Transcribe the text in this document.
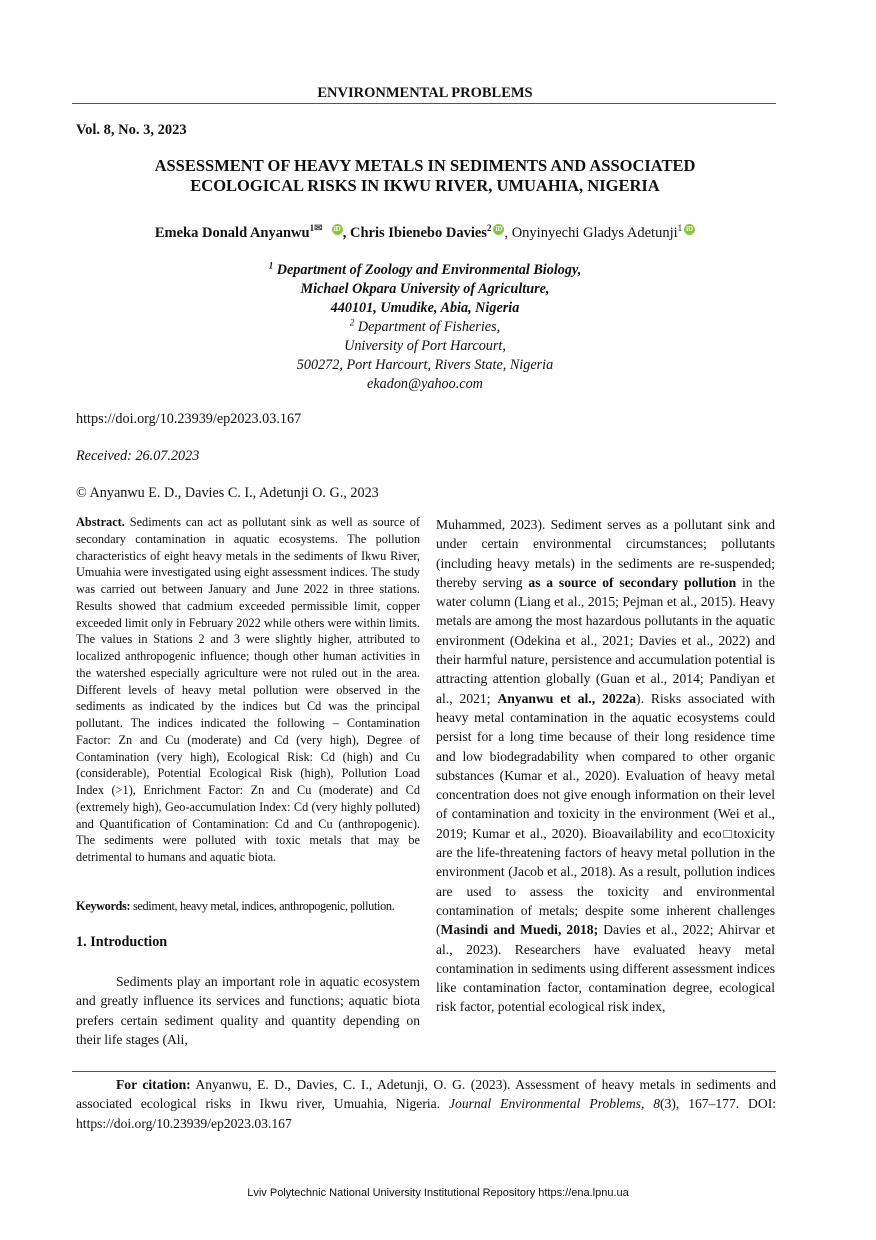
ENVIRONMENTAL PROBLEMS
Vol. 8, No. 3, 2023
ASSESSMENT OF HEAVY METALS IN SEDIMENTS AND ASSOCIATED
ECOLOGICAL RISKS IN IKWU RIVER, UMUAHIA, NIGERIA
Emeka Donald Anyanwu$^{1✉}$ iD , Chris Ibienebo Davies$^2$ iD , Onyinyechi Gladys Adetunji$^1$ iD
$^1$ Department of Zoology and Environmental Biology,
Michael Okpara University of Agriculture,
440101, Umudike, Abia, Nigeria
$^2$ Department of Fisheries,
University of Port Harcourt,
500272, Port Harcourt, Rivers State, Nigeria
ekadon@yahoo.com
https://doi.org/10.23939/ep2023.03.167
Received: 26.07.2023
© Anyanwu E. D., Davies C. I., Adetunji O. G., 2023
Abstract. Sediments can act as pollutant sink as well as source of secondary contamination in aquatic ecosystems. The pollution characteristics of eight heavy metals in the sediments of Ikwu River, Umuahia were investigated using eight assessment indices. The study was carried out between January and June 2022 in three stations. Results showed that cadmium exceeded permissible limit, copper exceeded limit only in February 2022 while others were within limits. The values in Stations 2 and 3 were slightly higher, attributed to localized anthropogenic influence; though other human activities in the watershed especially agriculture were not ruled out in the area. Different levels of heavy metal pollution were observed in the sediments as indicated by the indices but Cd was the principal pollutant. The indices indicated the following – Contamination Factor: Zn and Cu (moderate) and Cd (very high), Degree of Contamination (very high), Ecological Risk: Cd (high) and Cu (considerable), Potential Ecological Risk (high), Pollution Load Index (>1), Enrichment Factor: Zn and Cu (moderate) and Cd (extremely high), Geo-accumulation Index: Cd (very highly polluted) and Quantification of Contamination: Cd and Cu (anthropogenic). The sediments were polluted with toxic metals that may be detrimental to humans and aquatic biota.
Keywords: sediment, heavy metal, indices, anthropogenic, pollution.
1. Introduction
Sediments play an important role in aquatic ecosystem and greatly influence its services and functions; aquatic biota prefers certain sediment quality and quantity depending on their life stages (Ali,
Muhammed, 2023). Sediment serves as a pollutant sink and under certain environmental circumstances; pollutants (including heavy metals) in the sediments are re-suspended; thereby serving as a source of secondary pollution in the water column (Liang et al., 2015; Pejman et al., 2015). Heavy metals are among the most hazardous pollutants in the aquatic environment (Odekina et al., 2021; Davies et al., 2022) and their harmful nature, persistence and accumulation potential is attracting attention globally (Guan et al., 2014; Pandiyan et al., 2021; Anyanwu et al., 2022a). Risks associated with heavy metal contamination in the aquatic ecosystems could persist for a long time because of their long residence time and low biodegradability when compared to other organic substances (Kumar et al., 2020). Evaluation of heavy metal concentration does not give enough information on their level of contamination and toxicity in the environment (Wei et al., 2019; Kumar et al., 2020). Bioavailability and eco□toxicity are the life-threatening factors of heavy metal pollution in the environment (Jacob et al., 2018). As a result, pollution indices are used to assess the toxicity and environmental contamination of metals; despite some inherent challenges (Masindi and Muedi, 2018; Davies et al., 2022; Ahirvar et al., 2023). Researchers have evaluated heavy metal contamination in sediments using different assessment indices like contamination factor, contamination degree, ecological risk factor, potential ecological risk index,
For citation: Anyanwu, E. D., Davies, C. I., Adetunji, O. G. (2023). Assessment of heavy metals in sediments and associated ecological risks in Ikwu river, Umuahia, Nigeria. Journal Environmental Problems, 8(3), 167–177. DOI: https://doi.org/10.23939/ep2023.03.167
Lviv Polytechnic National University Institutional Repository https://ena.lpnu.ua
